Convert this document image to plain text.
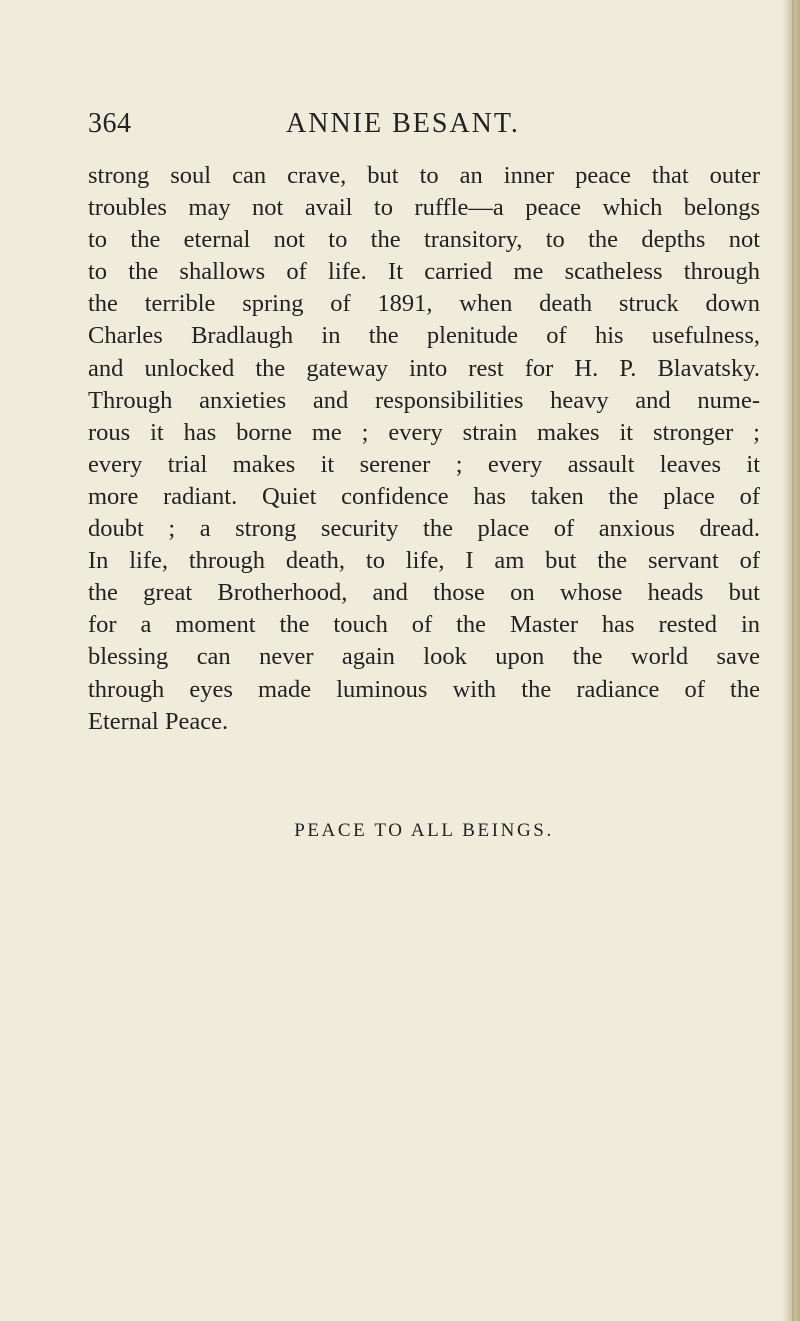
364	ANNIE BESANT.
strong soul can crave, but to an inner peace that outer
troubles may not avail to ruffle—a peace which belongs
to the eternal not to the transitory, to the depths not
to the shallows of life. It carried me scatheless through
the terrible spring of 1891, when death struck down
Charles Bradlaugh in the plenitude of his usefulness,
and unlocked the gateway into rest for H. P. Blavatsky.
Through anxieties and responsibilities heavy and nume-
rous it has borne me ; every strain makes it stronger ;
every trial makes it serener ; every assault leaves it
more radiant. Quiet confidence has taken the place of
doubt ; a strong security the place of anxious dread.
In life, through death, to life, I am but the servant of
the great Brotherhood, and those on whose heads but
for a moment the touch of the Master has rested in
blessing can never again look upon the world save
through eyes made luminous with the radiance of the
Eternal Peace.
PEACE TO ALL BEINGS.
